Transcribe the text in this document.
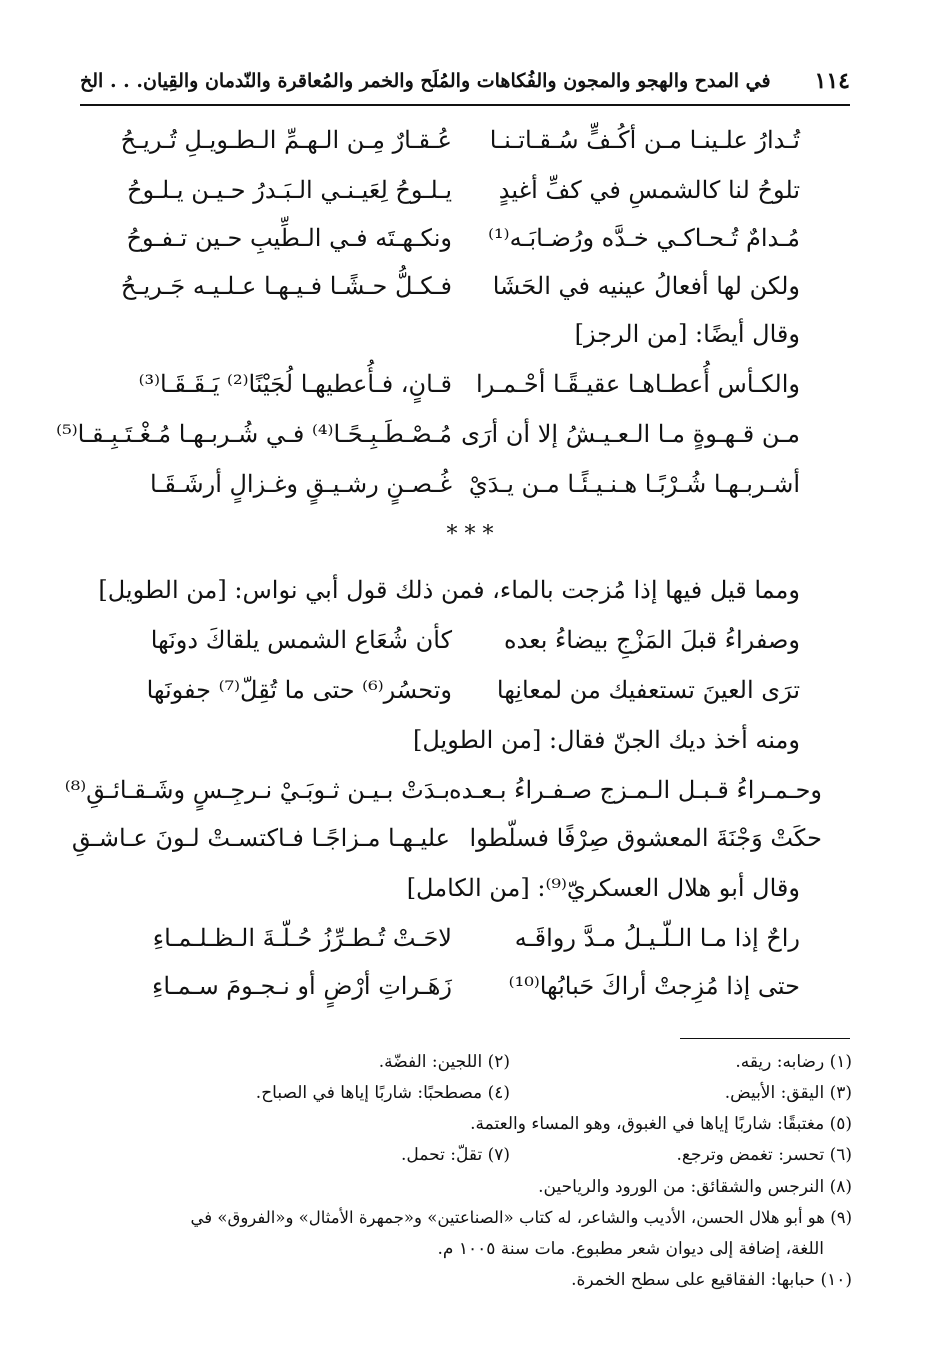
١١٤
في المدح والهجو والمجون والفُكاهات والمُلَح والخمر والمُعاقرة والنّدمان والقِيان. . . الخ
تُـدارُ علـينـا مـن أكُـفٍّ سُـقـاتـنـا
عُـقـارٌ مِـن الـهـمِّ الـطـويـلِ تُـريـحُ
تلوحُ لنا كالشمسِ في كفِّ أغيدٍ
يـلـوحُ لِعَيـنـي الـبَـدرُ حـيـن يـلـوحُ
مُـدامٌ تُـحـاكـي خـدَّه ورُضـابَـه⁽¹⁾
ونكـهـتَه فـي الـطِّيبِ حـين تـفـوحُ
ولكن لها أفعالُ عينيه في الحَشَا
فـكـلُّ حـشًـا فـيـهـا عـلـيـه جَـريـحُ
وقال أيضًا: [من الرجز]
والكـأس أُعطـاهـا عقيـقًـا أحْـمـرا
قـانٍ، فـأُعطيهـا لُجَيْنًا⁽²⁾ يَـقَـقَـا⁽³⁾
مـن قـهـوةٍ مـا الـعـيـشُ إلا أن أرَى
مُـصْـطَـبِـحًـا⁽⁴⁾ فـي شُـربـهـا مُـغْـتَـبِـقـا⁽⁵⁾
أشـربـهـا شُـرْبًـا هـنـيـئًـا مـن يـدَيْ
غُـصـنٍ رشـيـقٍ وغـزالٍ أرشَـقَـا
* * *
ومما قيل فيها إذا مُزجت بالماء، فمن ذلك قول أبي نواس: [من الطويل]
وصفراءُ قبلَ المَزْجِ بيضاءُ بعده
كأن شُعَاع الشمس يلقاكَ دونَها
ترَى العينَ تستعفيك من لمعانِها
وتحسُر⁽⁶⁾ حتى ما تُقِلّ⁽⁷⁾ جفونَها
ومنه أخذ ديك الجنّ فقال: [من الطويل]
وحـمـراءُ قـبـل الـمـزج صـفـراءُ بـعـده
بـدَتْ بـيـن ثـوبَـيْ نـرجِـسٍ وشَـقـائـقِ⁽⁸⁾
حكَتْ وَجْنَةَ المعشوق صِرْفًا فسلّطوا
عليـهـا مـزاجًـا فـاكتسـتْ لـونَ عـاشـقِ
وقال أبو هلال العسكريّ⁽⁹⁾: [من الكامل]
راحٌ إذا مـا الـلّـيـلُ مـدَّ رواقَـه
لاحَـتْ تُـطـرِّزُ حُـلّـةَ الـظـلـمـاءِ
حتى إذا مُزِجتْ أراكَ حَبابُها⁽¹⁰⁾
زَهَـراتِ أرْضٍ أو نـجـومَ سـمـاءِ
(١) رضابه: ريقه.
(٢) اللجين: الفضّة.
(٣) اليقق: الأبيض.
(٤) مصطحبًا: شاربًا إياها في الصباح.
(٥) مغتبقًا: شاربًا إياها في الغبوق، وهو المساء والعتمة.
(٦) تحسر: تغمض وترجع.
(٧) تقلّ: تحمل.
(٨) النرجس والشقائق: من الورود والرياحين.
(٩) هو أبو هلال الحسن، الأديب والشاعر، له كتاب «الصناعتين» و«جمهرة الأمثال» و«الفروق» في
اللغة، إضافة إلى ديوان شعر مطبوع. مات سنة ١٠٠٥ م.
(١٠) حبابها: الفقاقيع على سطح الخمرة.
